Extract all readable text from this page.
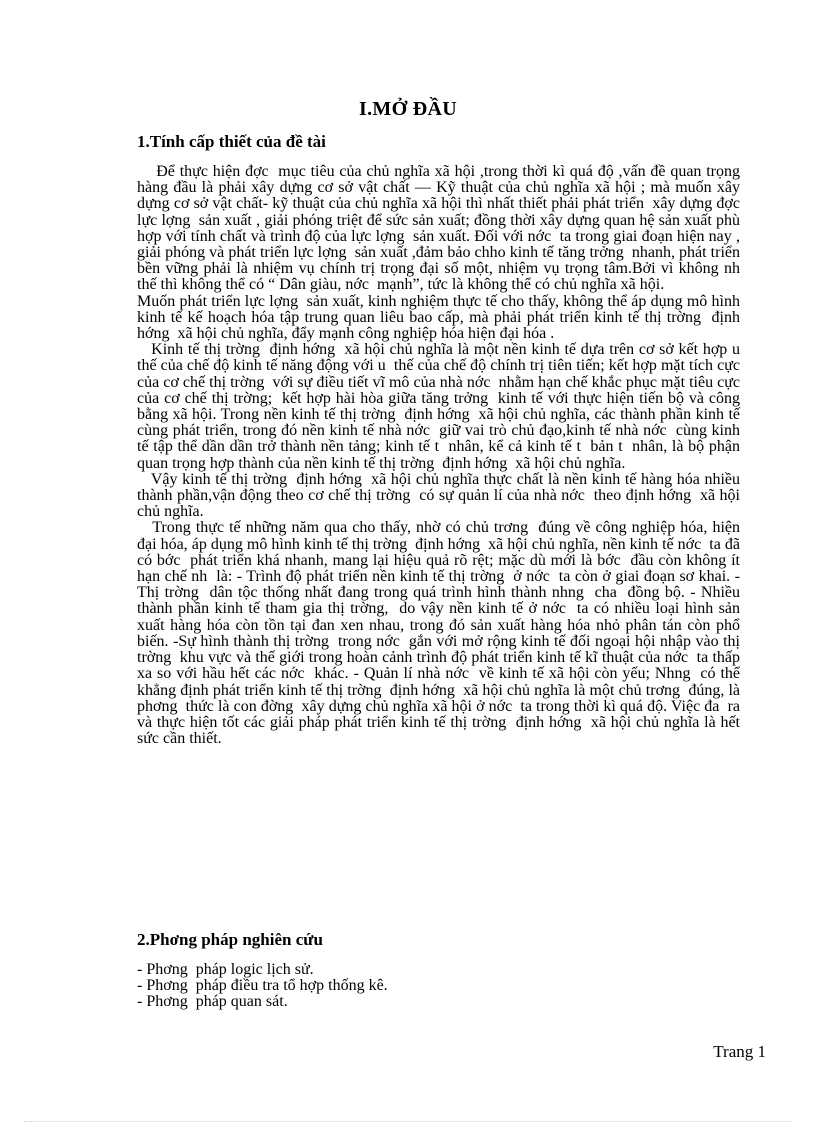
I.MỞ ĐẦU
1.Tính cấp thiết của đề tài

Để thực hiện đợc  mục tiêu của chủ nghĩa xã hội ,trong thời kì quá độ ,vấn đề quan trọng hàng đầu là phải xây dựng cơ sở vật chất — Kỹ thuật của chủ nghĩa xã hội ; mà muốn xây dựng cơ sở vật chất- kỹ thuật của chủ nghĩa xã hội thì nhất thiết phải phát triển  xây dựng đợc  lực lợng  sản xuất , giải phóng triệt để sức sản xuất; đồng thời xây dựng quan hệ sản xuất phù hợp với tính chất và trình độ của lực lợng  sản xuất. Đối với nớc  ta trong giai đoạn hiện nay , giải phóng và phát triển lực lợng  sản xuất ,đảm bảo chho kinh tế tăng trởng  nhanh, phát triển bền vững phải là nhiệm vụ chính trị trọng đại số một, nhiệm vụ trọng tâm.Bởi vì không nh  thế thì không thể có “ Dân giàu, nớc  mạnh”, tức là không thể có chủ nghĩa xã hội.

Muốn phát triển lực lợng  sản xuất, kinh nghiệm thực tế cho thấy, không thể áp dụng mô hình kinh tế kế hoạch hóa tập trung quan liêu bao cấp, mà phải phát triển kinh tế thị trờng  định hớng  xã hội chủ nghĩa, đẩy mạnh công nghiệp hóa hiện đại hóa .

Kinh tế thị trờng  định hớng  xã hội chủ nghĩa là một nền kinh tế dựa trên cơ sở kết hợp u  thế của chế độ kinh tế năng động với u  thế của chế độ chính trị tiên tiến; kết hợp mặt tích cực của cơ chế thị trờng  với sự điều tiết vĩ mô của nhà nớc  nhằm hạn chế khắc phục mặt tiêu cực của cơ chế thị trờng;  kết hợp hài hòa giữa tăng trởng  kinh tế với thực hiện tiến bộ và công bằng xã hội. Trong nền kinh tế thị trờng  định hớng  xã hội chủ nghĩa, các thành phần kinh tế cùng phát triển, trong đó nền kinh tế nhà nớc  giữ vai trò chủ đạo,kinh tế nhà nớc  cùng kinh tế tập thể dần dần trở thành nền tảng; kinh tế t  nhân, kể cả kinh tế t  bản t  nhân, là bộ phận quan trọng hợp thành của nền kinh tế thị trờng  định hớng  xã hội chủ nghĩa.

Vậy kinh tế thị trờng  định hớng  xã hội chủ nghĩa thực chất là nền kinh tế hàng hóa nhiều thành phần,vận động theo cơ chế thị trờng  có sự quản lí của nhà nớc  theo định hớng  xã hội chủ nghĩa.

Trong thực tế những năm qua cho thấy, nhờ có chủ trơng  đúng về công nghiệp hóa, hiện đại hóa, áp dụng mô hình kinh tế thị trờng  định hớng  xã hội chủ nghĩa, nền kinh tế nớc  ta đã có bớc  phát triển khá nhanh, mang lại hiệu quả rõ rệt; mặc dù mới là bớc  đầu còn không ít hạn chế nh  là: - Trình độ phát triển nền kinh tế thị trờng  ở nớc  ta còn ở giai đoạn sơ khai. - Thị trờng  dân tộc thống nhất đang trong quá trình hình thành nhng  cha  đồng bộ. - Nhiều thành phần kinh tế tham gia thị trờng,  do vậy nền kinh tế ở nớc  ta có nhiều loại hình sản xuất hàng hóa còn tồn tại đan xen nhau, trong đó sản xuất hàng hóa nhỏ phân tán còn phổ biến. -Sự hình thành thị trờng  trong nớc  gắn với mở rộng kinh tế đối ngoại hội nhập vào thị trờng  khu vực và thế giới trong hoàn cảnh trình độ phát triển kinh tế kĩ thuật của nớc  ta thấp xa so với hầu hết các nớc  khác. - Quản lí nhà nớc  về kinh tế xã hội còn yếu; Nhng  có thể khẳng định phát triển kinh tế thị trờng  định hớng  xã hội chủ nghĩa là một chủ trơng  đúng, là phơng  thức là con đờng  xây dựng chủ nghĩa xã hội ở nớc  ta trong thời kì quá độ. Việc đa  ra và thực hiện tốt các giải pháp phát triển kinh tế thị trờng  định hớng  xã hội chủ nghĩa là hết sức cần thiết.

2.Phơng pháp nghiên cứu
- Phơng  pháp logic lịch sử.
- Phơng  pháp điều tra tổ hợp thống kê.
- Phơng  pháp quan sát.
Trang 1
